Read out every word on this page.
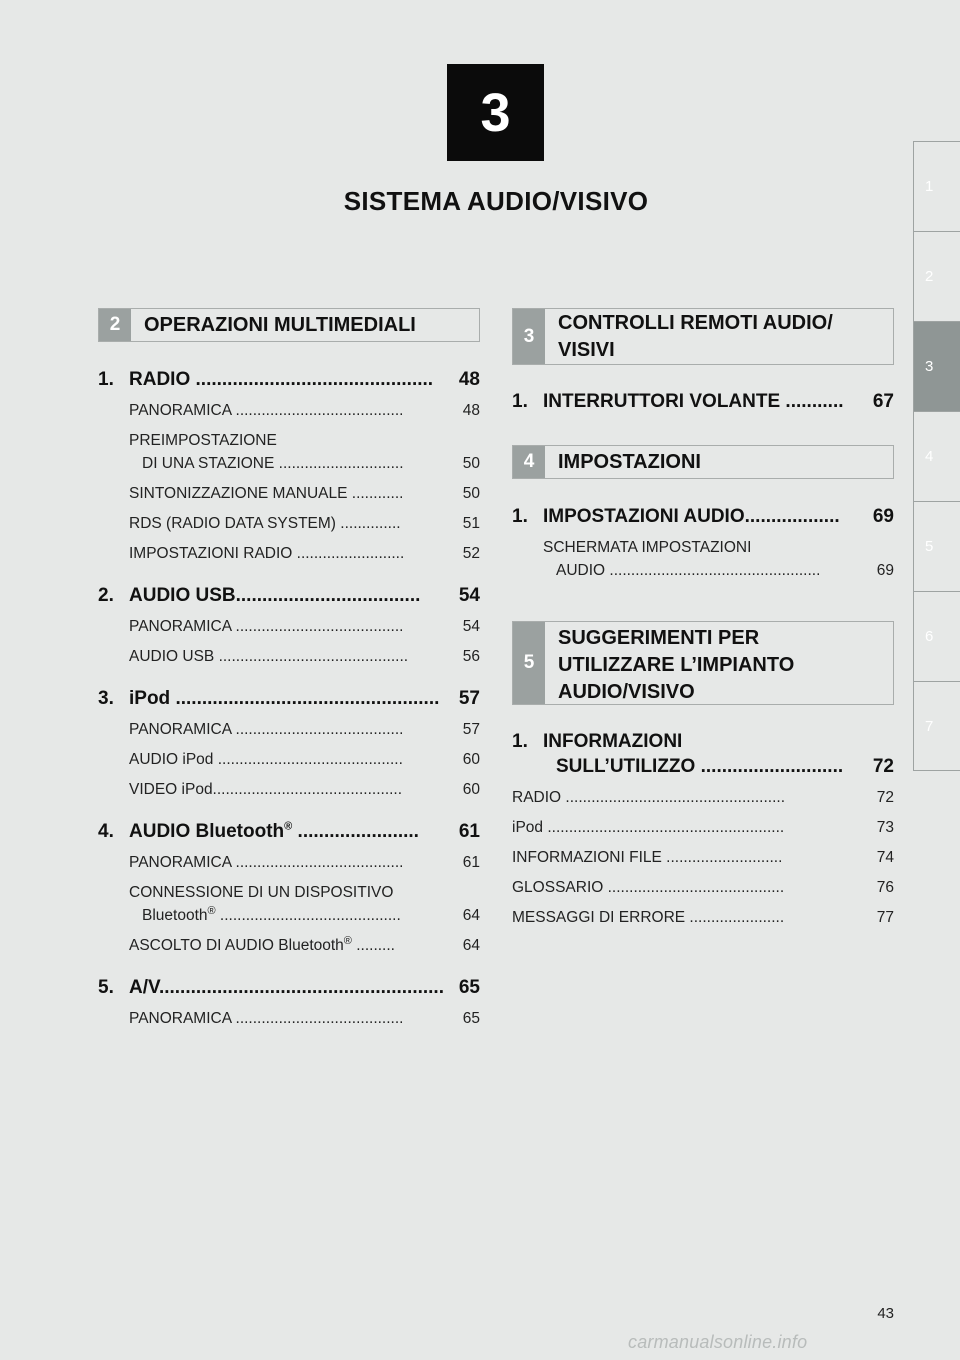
3
SISTEMA AUDIO/VISIVO	1
2
3
4
5
6
7
2	OPERAZIONI MULTIMEDIALI
1. RADIO .............................................	48
PANORAMICA .......................................	48
PREIMPOSTAZIONE
DI UNA STAZIONE .............................	50
SINTONIZZAZIONE MANUALE ............	50
RDS (RADIO DATA SYSTEM) ..............	51
IMPOSTAZIONI RADIO .........................	52
2. AUDIO USB...................................	54
PANORAMICA .......................................	54
AUDIO USB ............................................	56
3. iPod ..................................................	57
PANORAMICA .......................................	57
AUDIO iPod ...........................................	60
VIDEO iPod............................................	60
4. AUDIO Bluetooth® .......................	61
PANORAMICA .......................................	61
CONNESSIONE DI UN DISPOSITIVO
Bluetooth® ..........................................	64
ASCOLTO DI AUDIO Bluetooth® .........	64
5. A/V...................................................... 65
PANORAMICA .......................................	65
3
CONTROLLI REMOTI AUDIO/ VISIVI
1. INTERRUTTORI VOLANTE ...........	67
4	IMPOSTAZIONI
1. IMPOSTAZIONI AUDIO..................	69
SCHERMATA IMPOSTAZIONI
AUDIO .................................................	69
5
SUGGERIMENTI PER UTILIZZARE L’IMPIANTO AUDIO/VISIVO
1. INFORMAZIONI
SULL’UTILIZZO ...........................	72
RADIO ...................................................	72
iPod .......................................................	73
INFORMAZIONI FILE ...........................	74
GLOSSARIO .........................................	76
MESSAGGI DI ERRORE ......................	77
43
carmanualsonline.info
